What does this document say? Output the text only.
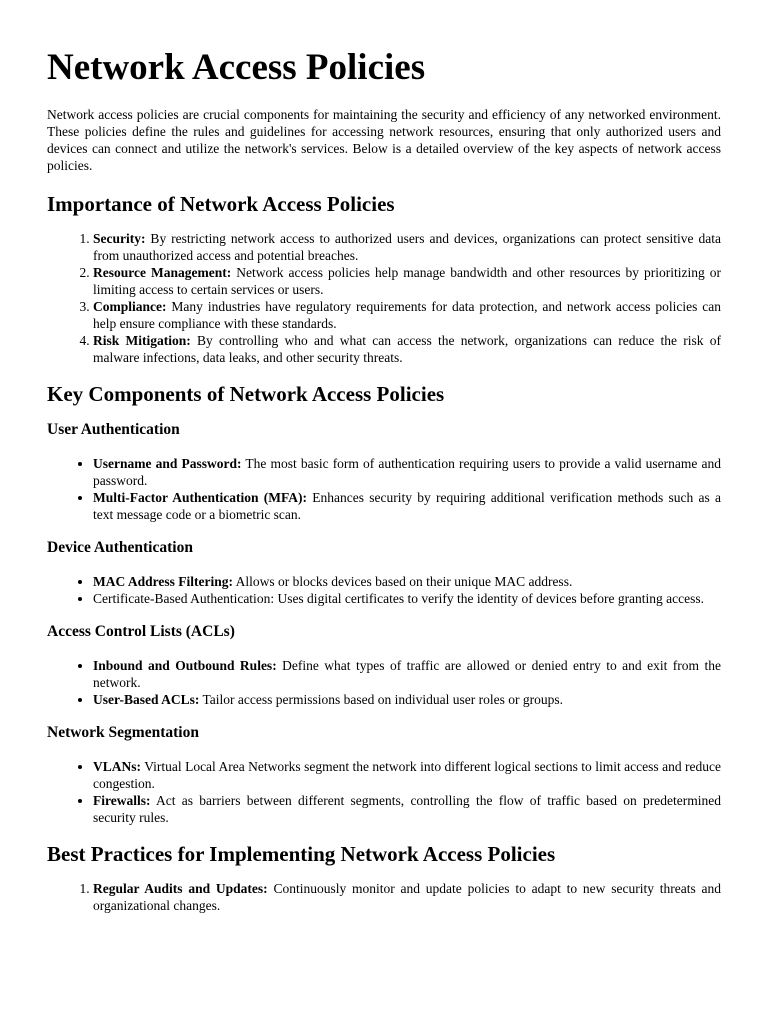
Network Access Policies

Network access policies are crucial components for maintaining the security and efficiency of any networked environment. These policies define the rules and guidelines for accessing network resources, ensuring that only authorized users and devices can connect and utilize the network's services. Below is a detailed overview of the key aspects of network access policies.

Importance of Network Access Policies
1. Security: By restricting network access to authorized users and devices, organizations can protect sensitive data from unauthorized access and potential breaches.
2. Resource Management: Network access policies help manage bandwidth and other resources by prioritizing or limiting access to certain services or users.
3. Compliance: Many industries have regulatory requirements for data protection, and network access policies can help ensure compliance with these standards.
4. Risk Mitigation: By controlling who and what can access the network, organizations can reduce the risk of malware infections, data leaks, and other security threats.
Key Components of Network Access Policies
User Authentication
• Username and Password: The most basic form of authentication requiring users to provide a valid username and password.
• Multi-Factor Authentication (MFA): Enhances security by requiring additional verification methods such as a text message code or a biometric scan.
Device Authentication
• MAC Address Filtering: Allows or blocks devices based on their unique MAC address.
• Certificate-Based Authentication: Uses digital certificates to verify the identity of devices before granting access.
Access Control Lists (ACLs)
• Inbound and Outbound Rules: Define what types of traffic are allowed or denied entry to and exit from the network.
• User-Based ACLs: Tailor access permissions based on individual user roles or groups.
Network Segmentation
• VLANs: Virtual Local Area Networks segment the network into different logical sections to limit access and reduce congestion.
• Firewalls: Act as barriers between different segments, controlling the flow of traffic based on predetermined security rules.
Best Practices for Implementing Network Access Policies
1. Regular Audits and Updates: Continuously monitor and update policies to adapt to new security threats and organizational changes.
